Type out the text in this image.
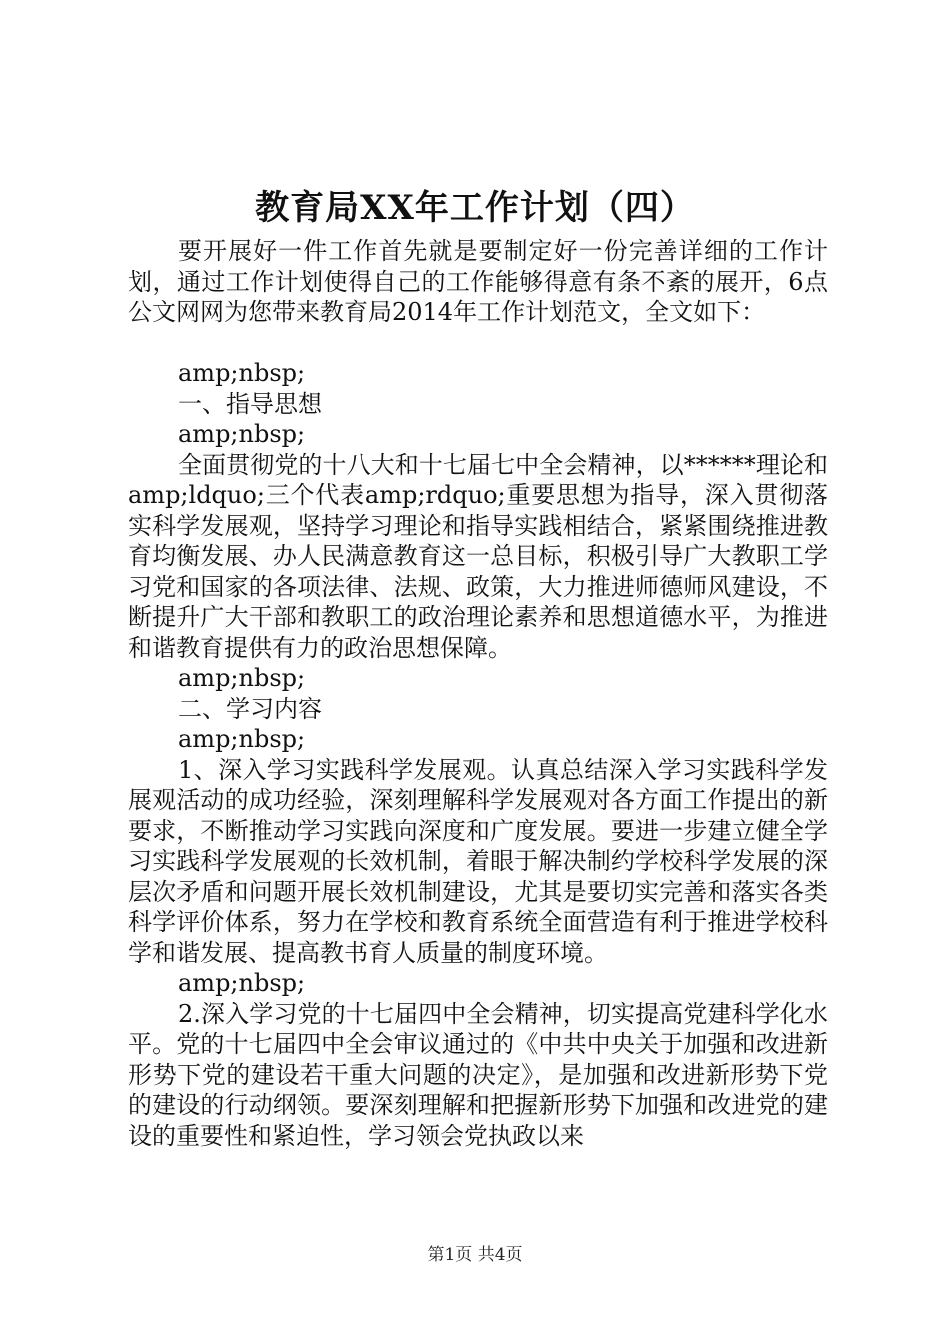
教育局XX年工作计划（四）

要开展好一件工作首先就是要制定好一份完善详细的工作计划，通过工作计划使得自己的工作能够得意有条不紊的展开，6点公文网网为您带来教育局2014年工作计划范文，全文如下：

amp;nbsp;

一、指导思想

amp;nbsp;

全面贯彻党的十八大和十七届七中全会精神，以******理论和amp;ldquo;三个代表amp;rdquo;重要思想为指导，深入贯彻落实科学发展观，坚持学习理论和指导实践相结合，紧紧围绕推进教育均衡发展、办人民满意教育这一总目标，积极引导广大教职工学习党和国家的各项法律、法规、政策，大力推进师德师风建设，不断提升广大干部和教职工的政治理论素养和思想道德水平，为推进和谐教育提供有力的政治思想保障。

amp;nbsp;

二、学习内容

amp;nbsp;

1、深入学习实践科学发展观。认真总结深入学习实践科学发展观活动的成功经验，深刻理解科学发展观对各方面工作提出的新要求，不断推动学习实践向深度和广度发展。要进一步建立健全学习实践科学发展观的长效机制，着眼于解决制约学校科学发展的深层次矛盾和问题开展长效机制建设，尤其是要切实完善和落实各类科学评价体系，努力在学校和教育系统全面营造有利于推进学校科学和谐发展、提高教书育人质量的制度环境。

amp;nbsp;

2.深入学习党的十七届四中全会精神，切实提高党建科学化水平。党的十七届四中全会审议通过的《中共中央关于加强和改进新形势下党的建设若干重大问题的决定》，是加强和改进新形势下党的建设的行动纲领。要深刻理解和把握新形势下加强和改进党的建设的重要性和紧迫性，学习领会党执政以来

第1页 共4页
